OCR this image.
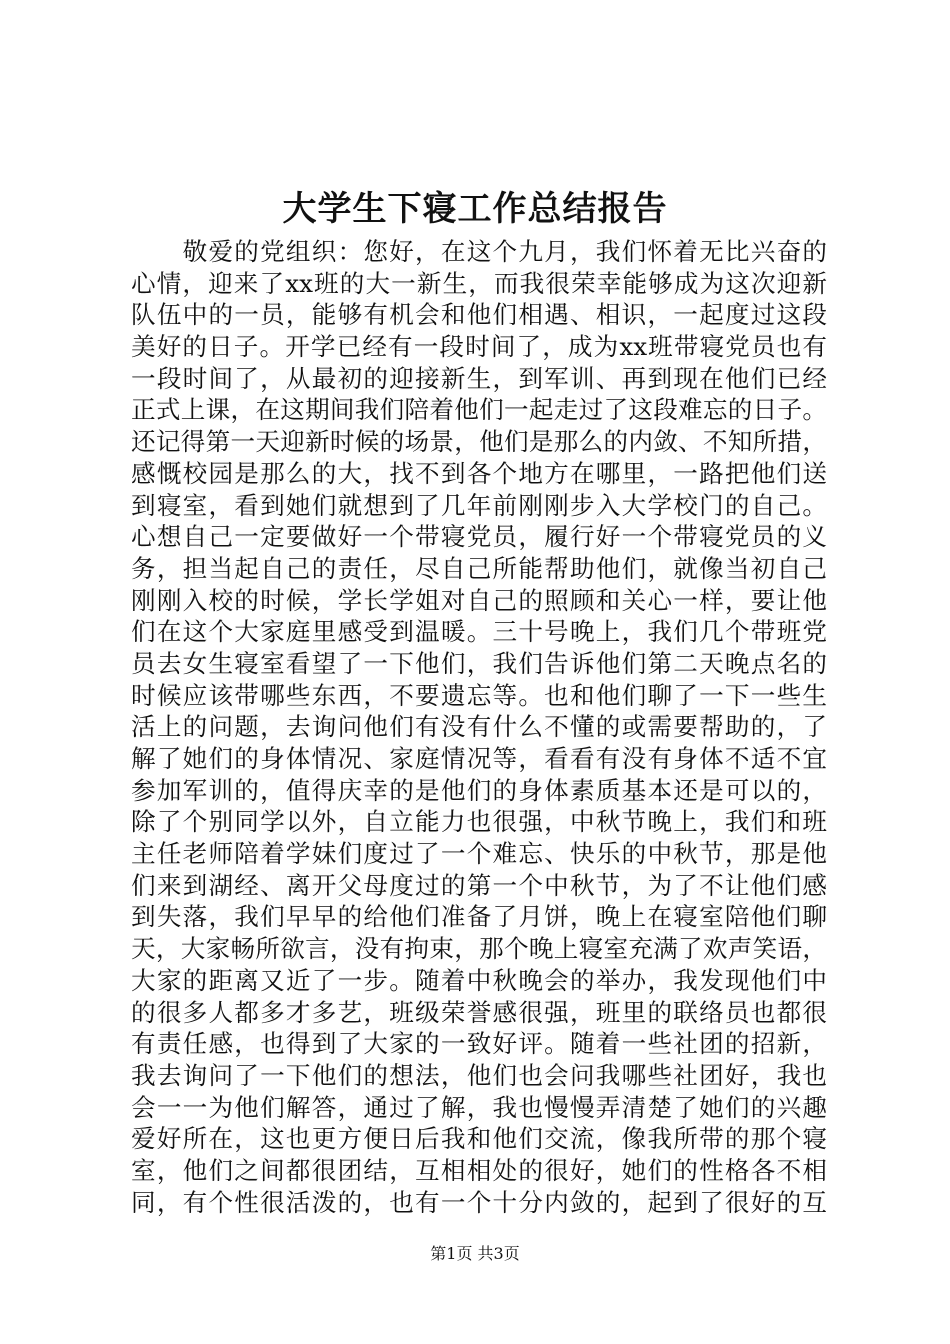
大学生下寝工作总结报告
　　敬爱的党组织：您好，在这个九月，我们怀着无比兴奋的
心情，迎来了xx班的大一新生，而我很荣幸能够成为这次迎新
队伍中的一员，能够有机会和他们相遇、相识，一起度过这段
美好的日子。开学已经有一段时间了，成为xx班带寝党员也有
一段时间了，从最初的迎接新生，到军训、再到现在他们已经
正式上课，在这期间我们陪着他们一起走过了这段难忘的日子。
还记得第一天迎新时候的场景，他们是那么的内敛、不知所措，
感慨校园是那么的大，找不到各个地方在哪里，一路把他们送
到寝室，看到她们就想到了几年前刚刚步入大学校门的自己。
心想自己一定要做好一个带寝党员，履行好一个带寝党员的义
务，担当起自己的责任，尽自己所能帮助他们，就像当初自己
刚刚入校的时候，学长学姐对自己的照顾和关心一样，要让他
们在这个大家庭里感受到温暖。三十号晚上，我们几个带班党
员去女生寝室看望了一下他们，我们告诉他们第二天晚点名的
时候应该带哪些东西，不要遗忘等。也和他们聊了一下一些生
活上的问题，去询问他们有没有什么不懂的或需要帮助的，了
解了她们的身体情况、家庭情况等，看看有没有身体不适不宜
参加军训的，值得庆幸的是他们的身体素质基本还是可以的，
除了个别同学以外，自立能力也很强，中秋节晚上，我们和班
主任老师陪着学妹们度过了一个难忘、快乐的中秋节，那是他
们来到湖经、离开父母度过的第一个中秋节，为了不让他们感
到失落，我们早早的给他们准备了月饼，晚上在寝室陪他们聊
天，大家畅所欲言，没有拘束，那个晚上寝室充满了欢声笑语，
大家的距离又近了一步。随着中秋晚会的举办，我发现他们中
的很多人都多才多艺，班级荣誉感很强，班里的联络员也都很
有责任感，也得到了大家的一致好评。随着一些社团的招新，
我去询问了一下他们的想法，他们也会问我哪些社团好，我也
会一一为他们解答，通过了解，我也慢慢弄清楚了她们的兴趣
爱好所在，这也更方便日后我和他们交流，像我所带的那个寝
室，他们之间都很团结，互相相处的很好，她们的性格各不相
同，有个性很活泼的，也有一个十分内敛的，起到了很好的互
第1页 共3页
